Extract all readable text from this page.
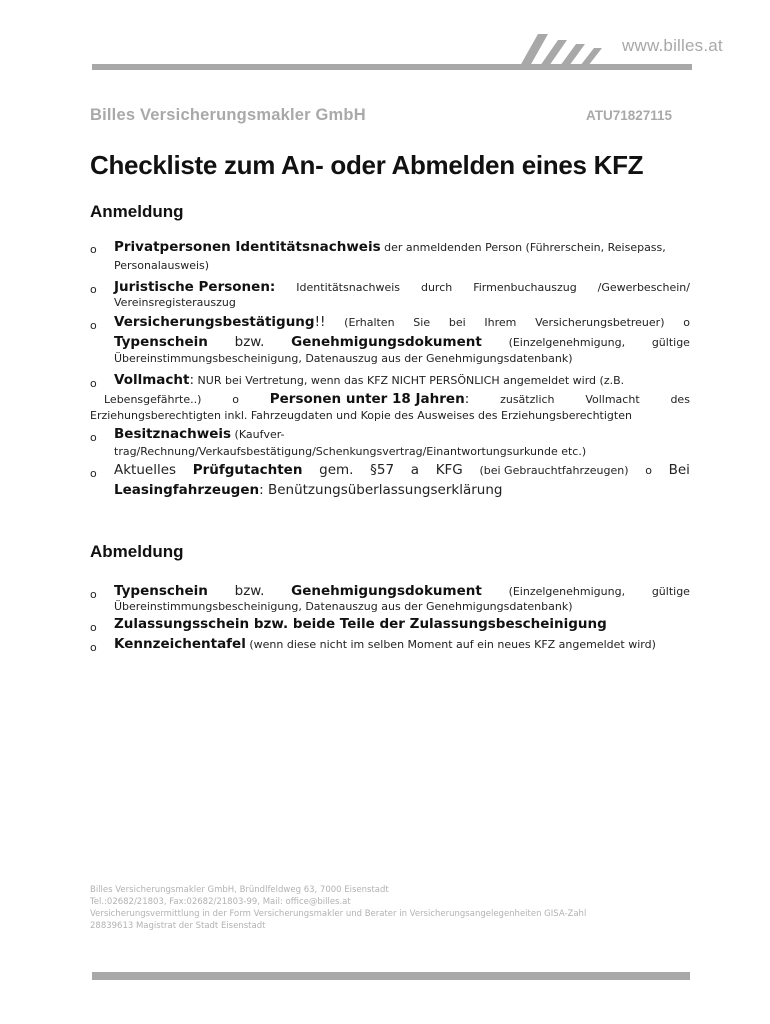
www.billes.at
Billes Versicherungsmakler GmbH	ATU71827115
Checkliste zum An- oder Abmelden eines KFZ
Anmeldung
o Privatpersonen Identitätsnachweis der anmeldenden Person (Führerschein, Reisepass,
Personalausweis)
o Juristische Personen: Identitätsnachweis durch Firmenbuchauszug /Gewerbeschein/
Vereinsregisterauszug
o Versicherungsbestätigung!! (Erhalten Sie bei Ihrem Versicherungsbetreuer) o
Typenschein bzw. Genehmigungsdokument (Einzelgenehmigung, gültige
Übereinstimmungsbescheinigung, Datenauszug aus der Genehmigungsdatenbank)
o Vollmacht: NUR bei Vertretung, wenn das KFZ NICHT PERSÖNLICH angemeldet wird (z.B.
Lebensgefährte..)	o Personen unter 18 Jahren:	zusätzlich	Vollmacht	des
Erziehungsberechtigten inkl. Fahrzeugdaten und Kopie des Ausweises des Erziehungsberechtigten
o Besitznachweis (Kaufver-
trag/Rechnung/Verkaufsbestätigung/Schenkungsvertrag/Einantwortungsurkunde etc.)
o Aktuelles Prüfgutachten gem. §57 a KFG (bei Gebrauchtfahrzeugen) o Bei
Leasingfahrzeugen: Benützungsüberlassungserklärung
Abmeldung
o Typenschein bzw. Genehmigungsdokument (Einzelgenehmigung, gültige
Übereinstimmungsbescheinigung, Datenauszug aus der Genehmigungsdatenbank)
o Zulassungsschein bzw. beide Teile der Zulassungsbescheinigung
o Kennzeichentafel (wenn diese nicht im selben Moment auf ein neues KFZ angemeldet wird)
Billes Versicherungsmakler GmbH, Bründlfeldweg 63, 7000 Eisenstadt
Tel.:02682/21803, Fax:02682/21803-99, Mail: office@billes.at
Versicherungsvermittlung in der Form Versicherungsmakler und Berater in Versicherungsangelegenheiten GISA-Zahl
28839613 Magistrat der Stadt Eisenstadt
